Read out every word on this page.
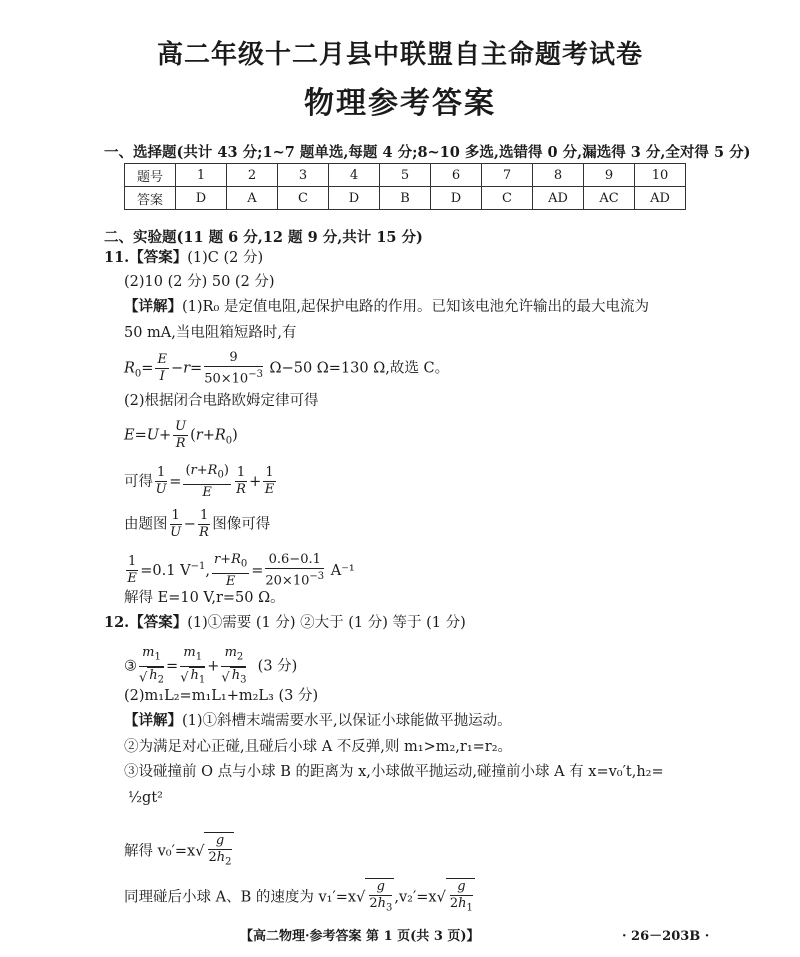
高二年级十二月县中联盟自主命题考试卷
物理参考答案
一、选择题(共计 43 分;1~7 题单选,每题 4 分;8~10 多选,选错得 0 分,漏选得 3 分,全对得 5 分)
题号	1	2	3	4	5	6	7	8	9	10
答案	D	A	C	D	B	D	C	AD	AC	AD
二、实验题(11 题 6 分,12 题 9 分,共计 15 分)
11.【答案】(1)C (2 分)
(2)10 (2 分) 50 (2 分)
【详解】(1)R₀ 是定值电阻,起保护电路的作用。已知该电池允许输出的最大电流为
50 mA,当电阻箱短路时,有
$R_0= \frac{E}{I} -r= \frac{9}{50\times 10^{-3}} \Omega-50$ Ω=130 Ω,故选 C。
(2)根据闭合电路欧姆定律可得
$E=U+ \frac{U}{R} (r+R_0)$
可得 $\frac{1}{U} = \frac{(r+R_0)}{E} \frac{1}{R} + \frac{1}{E}$
由题图 $\frac{1}{U} - \frac{1}{R}$ 图像可得
$\frac{1}{E} =0.1$ $V^{-1}$, $\frac{r+R_0}{E} = \frac{0.6-0.1}{20\times 10^{-3}} A^{-1}$
解得 E=10 V,r=50 Ω。
12.【答案】(1)①需要 (1 分) ②大于 (1 分) 等于 (1 分)
③ $\frac{m_1}{√ h_2} = \frac{m_1}{√ h_1} + \frac{m_2}{√ h_3} (3$ 分)
(2)m₁L₂=m₁L₁+m₂L₃ (3 分)
【详解】(1)①斜槽末端需要水平,以保证小球能做平抛运动。
②为满足对心正碰,且碰后小球 A 不反弹,则 m₁>m₂,r₁=r₂。
③设碰撞前 O 点与小球 B 的距离为 x,小球做平抛运动,碰撞前小球 A 有 x=v₀′t,h₂=
½gt²
解得 $v_0'=x√ \frac{g}{2h_2}$
同理碰后小球 A、B 的速度为 $v_1'=x√ \frac{g}{2h_3} ,v_2'=x√ \frac{g}{2h_1}$
【高二物理·参考答案 第 1 页(共 3 页)】	· 26－203B ·
